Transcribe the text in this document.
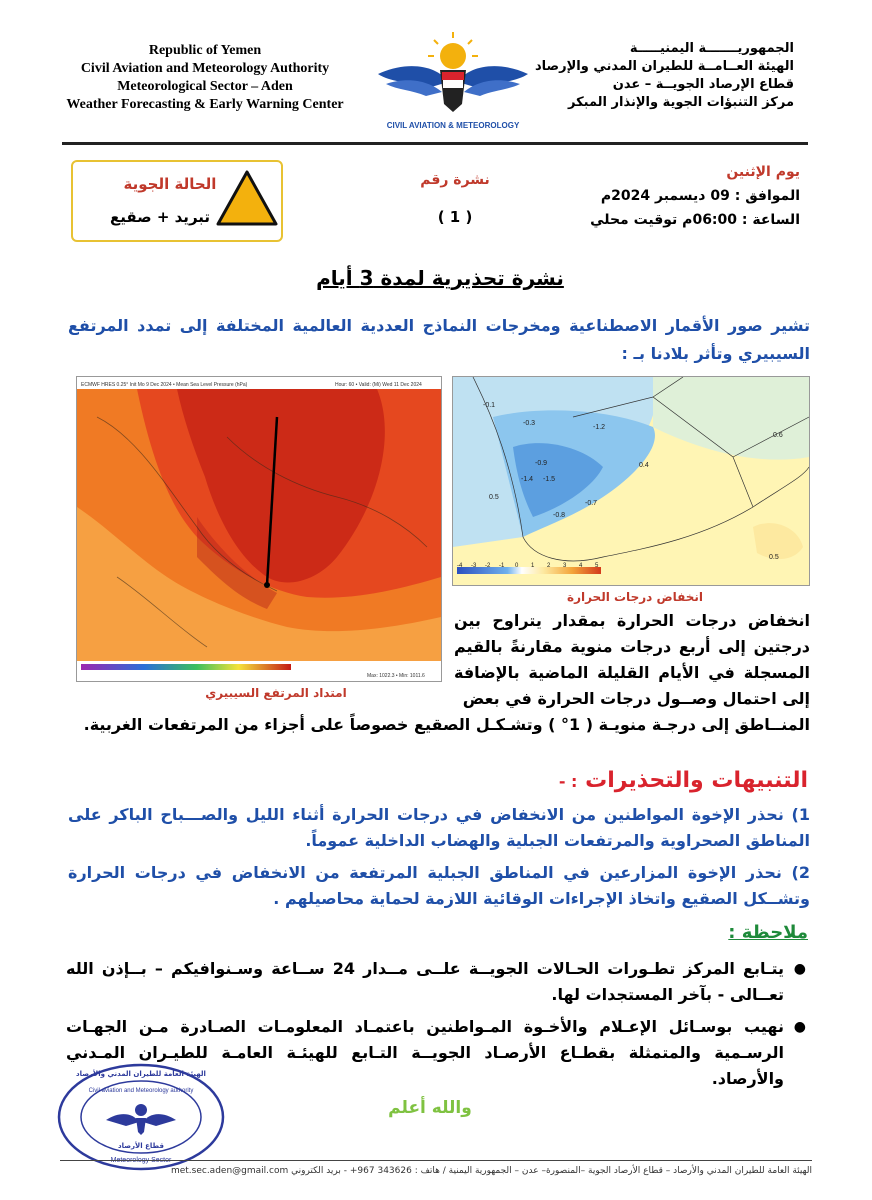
Republic of Yemen
Civil Aviation and Meteorology Authority
Meteorological Sector – Aden
Weather Forecasting & Early Warning Center
الجمهوريـــــــة اليمنيـــــة
الهيئة العــامــة للطيران المدني والإرصاد
قطاع الإرصاد الجويــة – عدن
مركز التنبؤات الجوية والإنذار المبكر
CIVIL AVIATION & METEOROLOGY
الحالة الجوية
تبريد + صقيع
نشرة رقم
( 1 )
يوم الإثنين
الموافق : 09 ديسمبر 2024م
الساعة : 06:00م توقيت محلي
نشرة تحذيرية لمدة 3 أيام
تشير صور الأقمار الاصطناعية ومخرجات النماذج العددية العالمية المختلفة إلى تمدد المرتفع السيبيري وتأثر بلادنا بـ :
ECMWF HRES 0.25° Init Mo 9 Dec 2024 • Mean Sea Level Pressure (hPa)	Hour: 60 • Valid: (Mi) Wed 11 Dec 2024
Max: 1022.3 • Min: 1011.6
امتداد المرتفع السيبيري
-0.1
-0.3
-1.2
0.6
-0.9
-1.4 -1.5
0.4
0.5
-0.7
-0.8
0.5
-4 -3 -2 -1 0 1 2 3 4 5
انخفاض درجات الحرارة
انخفاض درجات الحرارة بمقدار يتراوح بين درجتين إلى أربع درجات منوية مقارنةً بالقيم المسجلة في الأيام القليلة الماضية بالإضافة إلى احتمال وصــول درجات الحرارة في بعض
المنــاطق إلى درجـة منويـة ( 1° ) وتشـكـل الصقيع خصوصاً على أجزاء من المرتفعات الغربية.
التنبيهات والتحذيرات : -

1) نحذر الإخوة المواطنين من الانخفاض في درجات الحرارة أثناء الليل والصـــباح الباكر على المناطق الصحراوية والمرتفعات الجبلية والهضاب الداخلية عموماً.

2) نحذر الإخوة المزارعين في المناطق الجبلية المرتفعة من الانخفاض في درجات الحرارة وتشــكل الصقيع واتخاذ الإجراءات الوقائية اللازمة لحماية محاصيلهم .

ملاحظة :
●
يتـابع المركز تطـورات الحـالات الجويــة علــى مــدار 24 ســاعة وسـنوافيكم – بــإذن الله تعــالى - بآخر المستجدات لها.
●
نهيب بوسـائل الإعـلام والأخـوة المـواطنين باعتمـاد المعلومـات الصـادرة مـن الجهـات الرسـمية والمتمثلة بقطـاع الأرصـاد الجويــة التـابع للهيئـة العامـة للطيـران المـدني والأرصاد.
والله أعلم
الهيئة العامة للطيران المدني والأرصاد
Civil aviation and Meteorology authority
قطاع الأرصاد
الهيئة العامة للطيران المدني والأرصاد – قطاع الأرصاد الجوية –المنصورة– عدن – الجمهورية اليمنية / هاتف : 343626 967+ - بريد الكتروني met.sec.aden@gmail.com
